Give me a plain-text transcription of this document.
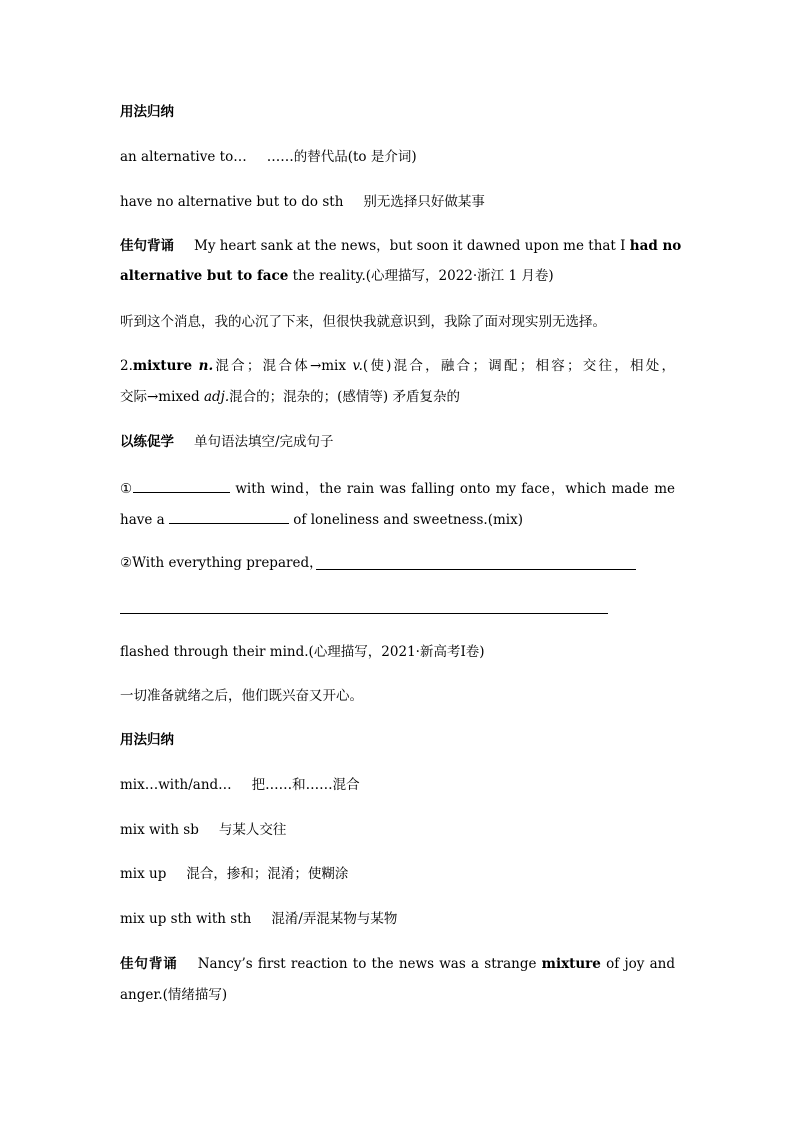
用法归纳
an alternative to… ……的替代品(to 是介词)
have no alternative but to do sth 别无选择只好做某事
佳句背诵 My heart sank at the news，but soon it dawned upon me that I had no
alternative but to face the reality.(心理描写，2022·浙江 1 月卷)
听到这个消息，我的心沉了下来，但很快我就意识到，我除了面对现实别无选择。
2.mixture n.混合；混合体→mix v.(使)混合，融合；调配；相容；交往，相处，
交际→mixed adj.混合的；混杂的；(感情等) 矛盾复杂的
以练促学 单句语法填空/完成句子
①	with wind，the rain was falling onto my face，which made me
have a	of loneliness and sweetness.(mix)
②With everything prepared，
flashed through their mind.(心理描写，2021·新高考Ⅰ卷)
一切准备就绪之后，他们既兴奋又开心。
用法归纳
mix…with/and… 把……和……混合
mix with sb 与某人交往
mix up 混合，掺和；混淆；使糊涂
mix up sth with sth 混淆/弄混某物与某物
佳句背诵 Nancy’s first reaction to the news was a strange mixture of joy and
anger.(情绪描写)
